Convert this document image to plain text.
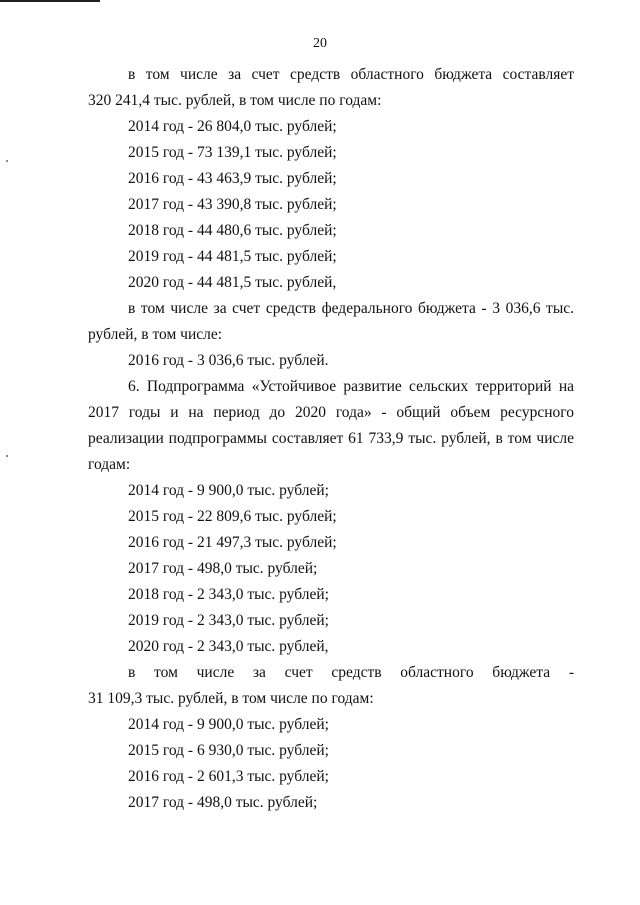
20
в том числе за счет средств областного бюджета составляет
320 241,4 тыс. рублей, в том числе по годам:
2014 год - 26 804,0 тыс. рублей;
2015 год - 73 139,1 тыс. рублей;
2016 год - 43 463,9 тыс. рублей;
2017 год - 43 390,8 тыс. рублей;
2018 год - 44 480,6 тыс. рублей;
2019 год - 44 481,5 тыс. рублей;
2020 год - 44 481,5 тыс. рублей,
в том числе за счет средств федерального бюджета - 3 036,6 тыс.
рублей, в том числе:
2016 год - 3 036,6 тыс. рублей.
6. Подпрограмма «Устойчивое развитие сельских территорий на
2017 годы и на период до 2020 года» - общий объем ресурсного
реализации подпрограммы составляет 61 733,9 тыс. рублей, в том числе
годам:
2014 год - 9 900,0 тыс. рублей;
2015 год - 22 809,6 тыс. рублей;
2016 год - 21 497,3 тыс. рублей;
2017 год - 498,0 тыс. рублей;
2018 год - 2 343,0 тыс. рублей;
2019 год - 2 343,0 тыс. рублей;
2020 год - 2 343,0 тыс. рублей,
в том числе за счет средств областного бюджета -
31 109,3 тыс. рублей, в том числе по годам:
2014 год - 9 900,0 тыс. рублей;
2015 год - 6 930,0 тыс. рублей;
2016 год - 2 601,3 тыс. рублей;
2017 год - 498,0 тыс. рублей;
